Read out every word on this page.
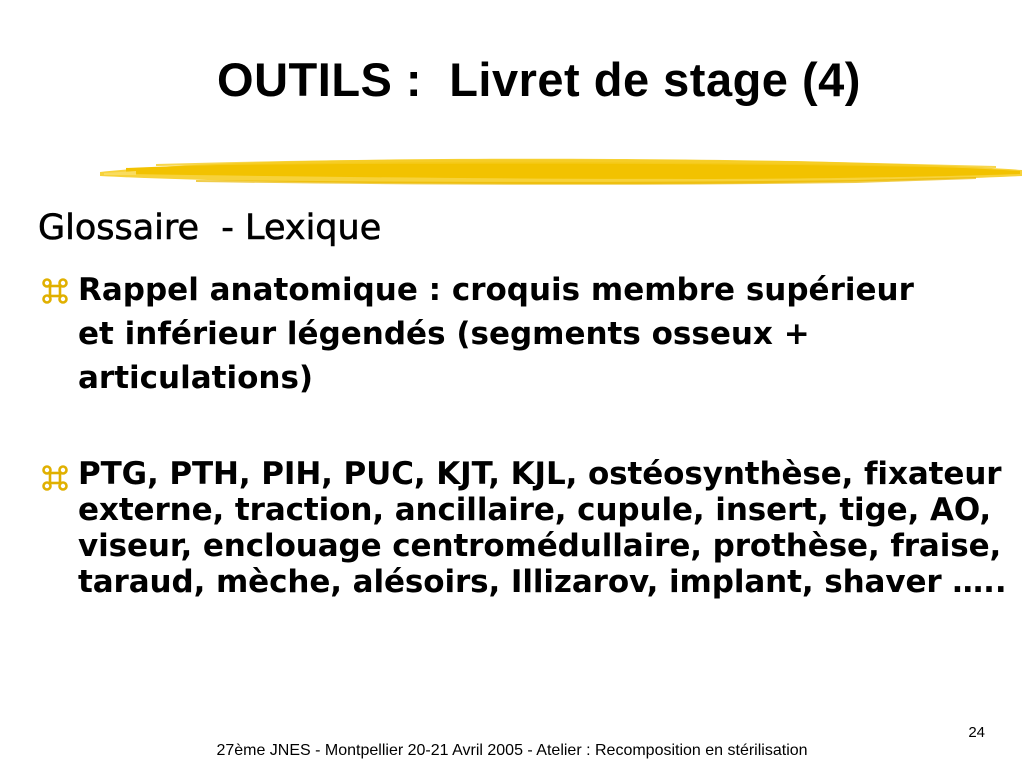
OUTILS :  Livret de stage (4)
Glossaire  - Lexique
Rappel anatomique : croquis membre supérieur et inférieur légendés (segments osseux + articulations)
PTG, PTH, PIH, PUC, KJT, KJL, ostéosynthèse, fixateur externe, traction, ancillaire, cupule, insert, tige, AO, viseur, enclouage centromédullaire, prothèse, fraise, taraud, mèche, alésoirs, Illizarov, implant, shaver …..
24
27ème JNES - Montpellier 20-21 Avril 2005 - Atelier : Recomposition en stérilisation
